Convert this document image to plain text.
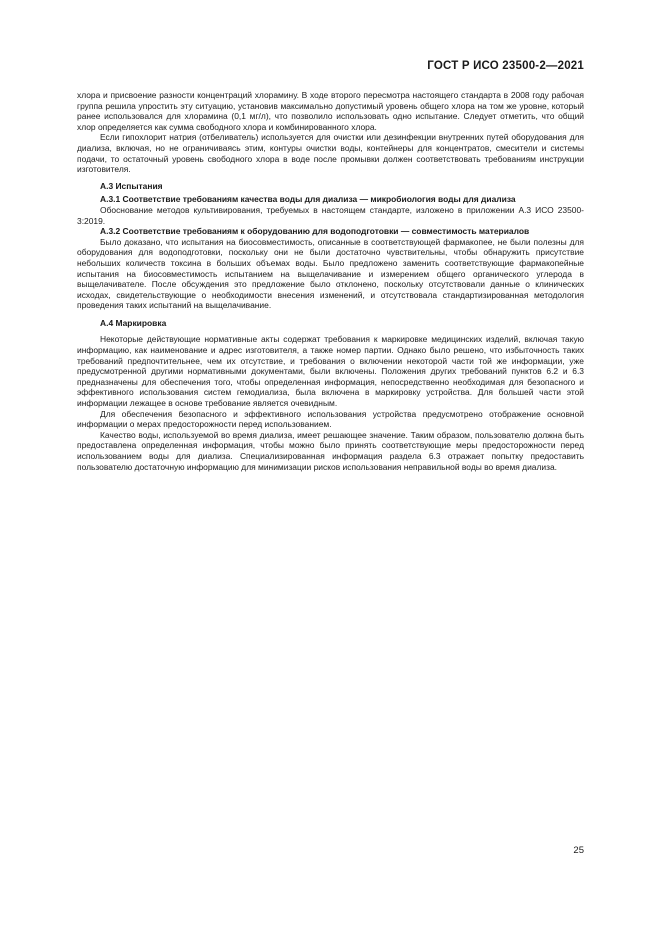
ГОСТ Р ИСО 23500-2—2021

хлора и присвоение разности концентраций хлорамину. В ходе второго пересмотра настоящего стандарта в 2008 году рабочая группа решила упростить эту ситуацию, установив максимально допустимый уровень общего хлора на том же уровне, который ранее использовался для хлорамина (0,1 мг/л), что позволило использовать одно испытание. Следует отметить, что общий хлор определяется как сумма свободного хлора и комбинированного хлора.

Если гипохлорит натрия (отбеливатель) используется для очистки или дезинфекции внутренних путей оборудования для диализа, включая, но не ограничиваясь этим, контуры очистки воды, контейнеры для концентратов, смесители и системы подачи, то остаточный уровень свободного хлора в воде после промывки должен соответствовать требованиям инструкции изготовителя.

А.3 Испытания

А.3.1 Соответствие требованиям качества воды для диализа — микробиология воды для диализа

Обоснование методов культивирования, требуемых в настоящем стандарте, изложено в приложении А.3 ИСО 23500-3:2019.

А.3.2 Соответствие требованиям к оборудованию для водоподготовки — совместимость материалов

Было доказано, что испытания на биосовместимость, описанные в соответствующей фармакопее, не были полезны для оборудования для водоподготовки, поскольку они не были достаточно чувствительны, чтобы обнаружить присутствие небольших количеств токсина в больших объемах воды. Было предложено заменить соответствующие фармакопейные испытания на биосовместимость испытанием на выщелачивание и измерением общего органического углерода в выщелачивателе. После обсуждения это предложение было отклонено, поскольку отсутствовали данные о клинических исходах, свидетельствующие о необходимости внесения изменений, и отсутствовала стандартизированная методология проведения таких испытаний на выщелачивание.

А.4 Маркировка

Некоторые действующие нормативные акты содержат требования к маркировке медицинских изделий, включая такую информацию, как наименование и адрес изготовителя, а также номер партии. Однако было решено, что избыточность таких требований предпочтительнее, чем их отсутствие, и требования о включении некоторой части той же информации, уже предусмотренной другими нормативными документами, были включены. Положения других требований пунктов 6.2 и 6.3 предназначены для обеспечения того, чтобы определенная информация, непосредственно необходимая для безопасного и эффективного использования систем гемодиализа, была включена в маркировку устройства. Для большей части этой информации лежащее в основе требование является очевидным.

Для обеспечения безопасного и эффективного использования устройства предусмотрено отображение основной информации о мерах предосторожности перед использованием.

Качество воды, используемой во время диализа, имеет решающее значение. Таким образом, пользователю должна быть предоставлена определенная информация, чтобы можно было принять соответствующие меры предосторожности перед использованием воды для диализа. Специализированная информация раздела 6.3 отражает попытку предоставить пользователю достаточную информацию для минимизации рисков использования неправильной воды во время диализа.

25
